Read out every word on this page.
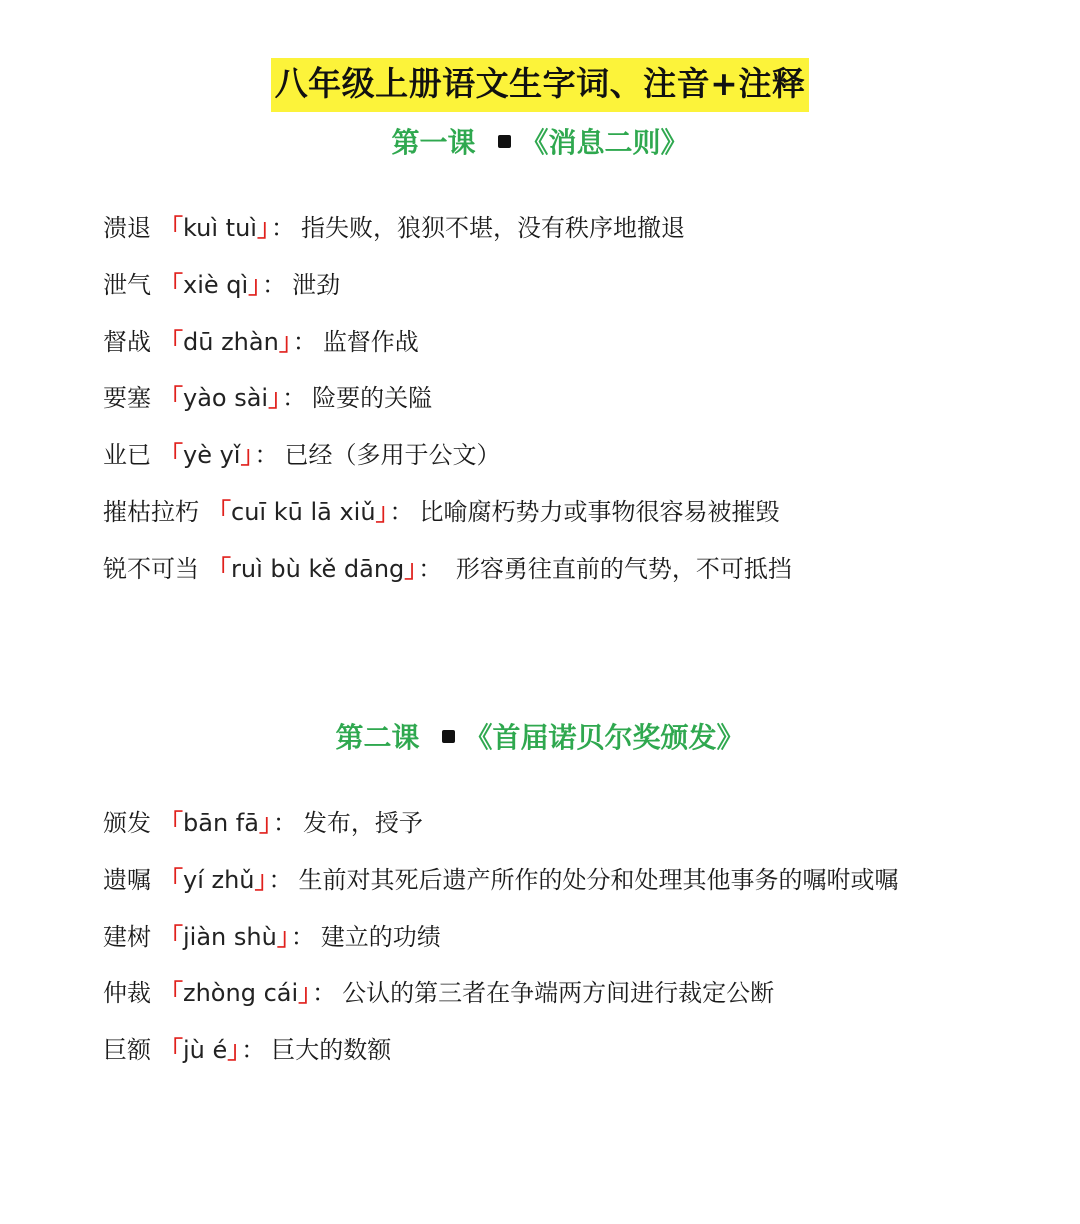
八年级上册语文生字词、注音+注释
第一课 《消息二则》
溃退 「kuì tuì」： 指失败，狼狈不堪，没有秩序地撤退
泄气 「xiè qì」： 泄劲
督战 「dū zhàn」： 监督作战
要塞 「yào sài」： 险要的关隘
业已 「yè yǐ」： 已经（多用于公文）
摧枯拉朽 「cuī kū lā xiǔ」： 比喻腐朽势力或事物很容易被摧毁
锐不可当 「ruì bù kě dāng」： 形容勇往直前的气势，不可抵挡
第二课 《首届诺贝尔奖颁发》
颁发 「bān fā」： 发布，授予
遗嘱 「yí zhǔ」： 生前对其死后遗产所作的处分和处理其他事务的嘱咐或嘱
建树 「jiàn shù」： 建立的功绩
仲裁 「zhòng cái」： 公认的第三者在争端两方间进行裁定公断
巨额 「jù é」： 巨大的数额
